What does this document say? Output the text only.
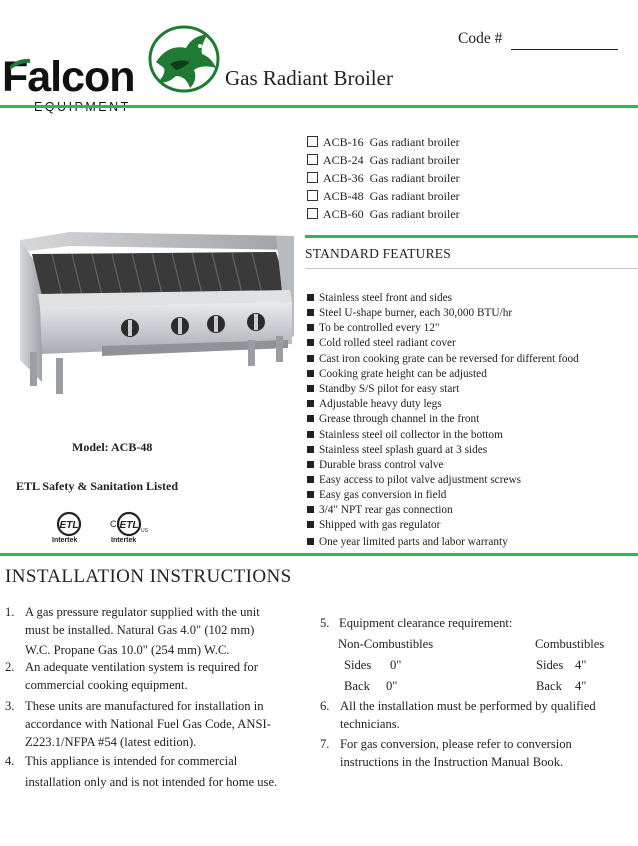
Falcon	Gas Radiant Broiler
Code #
ACB-16 Gas radiant broiler
ACB-24 Gas radiant broiler
ACB-36 Gas radiant broiler
ACB-48 Gas radiant broiler
ACB-60 Gas radiant broiler
STANDARD FEATURES
Stainless steel front and sides
Steel U-shape burner, each 30,000 BTU/hr
To be controlled every 12"
Cold rolled steel radiant cover
Cast iron cooking grate can be reversed for different food
Cooking grate height can be adjusted
Standby S/S pilot for easy start
Adjustable heavy duty legs
Grease through channel in the front
Stainless steel oil collector in the bottom
Stainless steel splash guard at 3 sides
Durable brass control valve
Easy access to pilot valve adjustment screws
Easy gas conversion in field
3/4" NPT rear gas connection
Shipped with gas regulator
One year limited parts and labor warranty
Model: ACB-48
ETL Safety & Sanitation Listed
ETL
Intertek
C ETL US
Intertek
INSTALLATION INSTRUCTIONS
1. A gas pressure regulator supplied with the unit
must be installed. Natural Gas 4.0" (102 mm)
W.C. Propane Gas 10.0" (254 mm) W.C.
2. An adequate ventilation system is required for
commercial cooking equipment.
3. These units are manufactured for installation in
accordance with National Fuel Gas Code, ANSI-
Z223.1/NFPA #54 (latest edition).
4. This appliance is intended for commercial
installation only and is not intended for home use.
5. Equipment clearance requirement:
Non-Combustibles	Combustibles
Sides 0"	Sides 4"
Back 0"	Back 4"
6. All the installation must be performed by qualified
technicians.
7. For gas conversion, please refer to conversion
instructions in the Instruction Manual Book.
